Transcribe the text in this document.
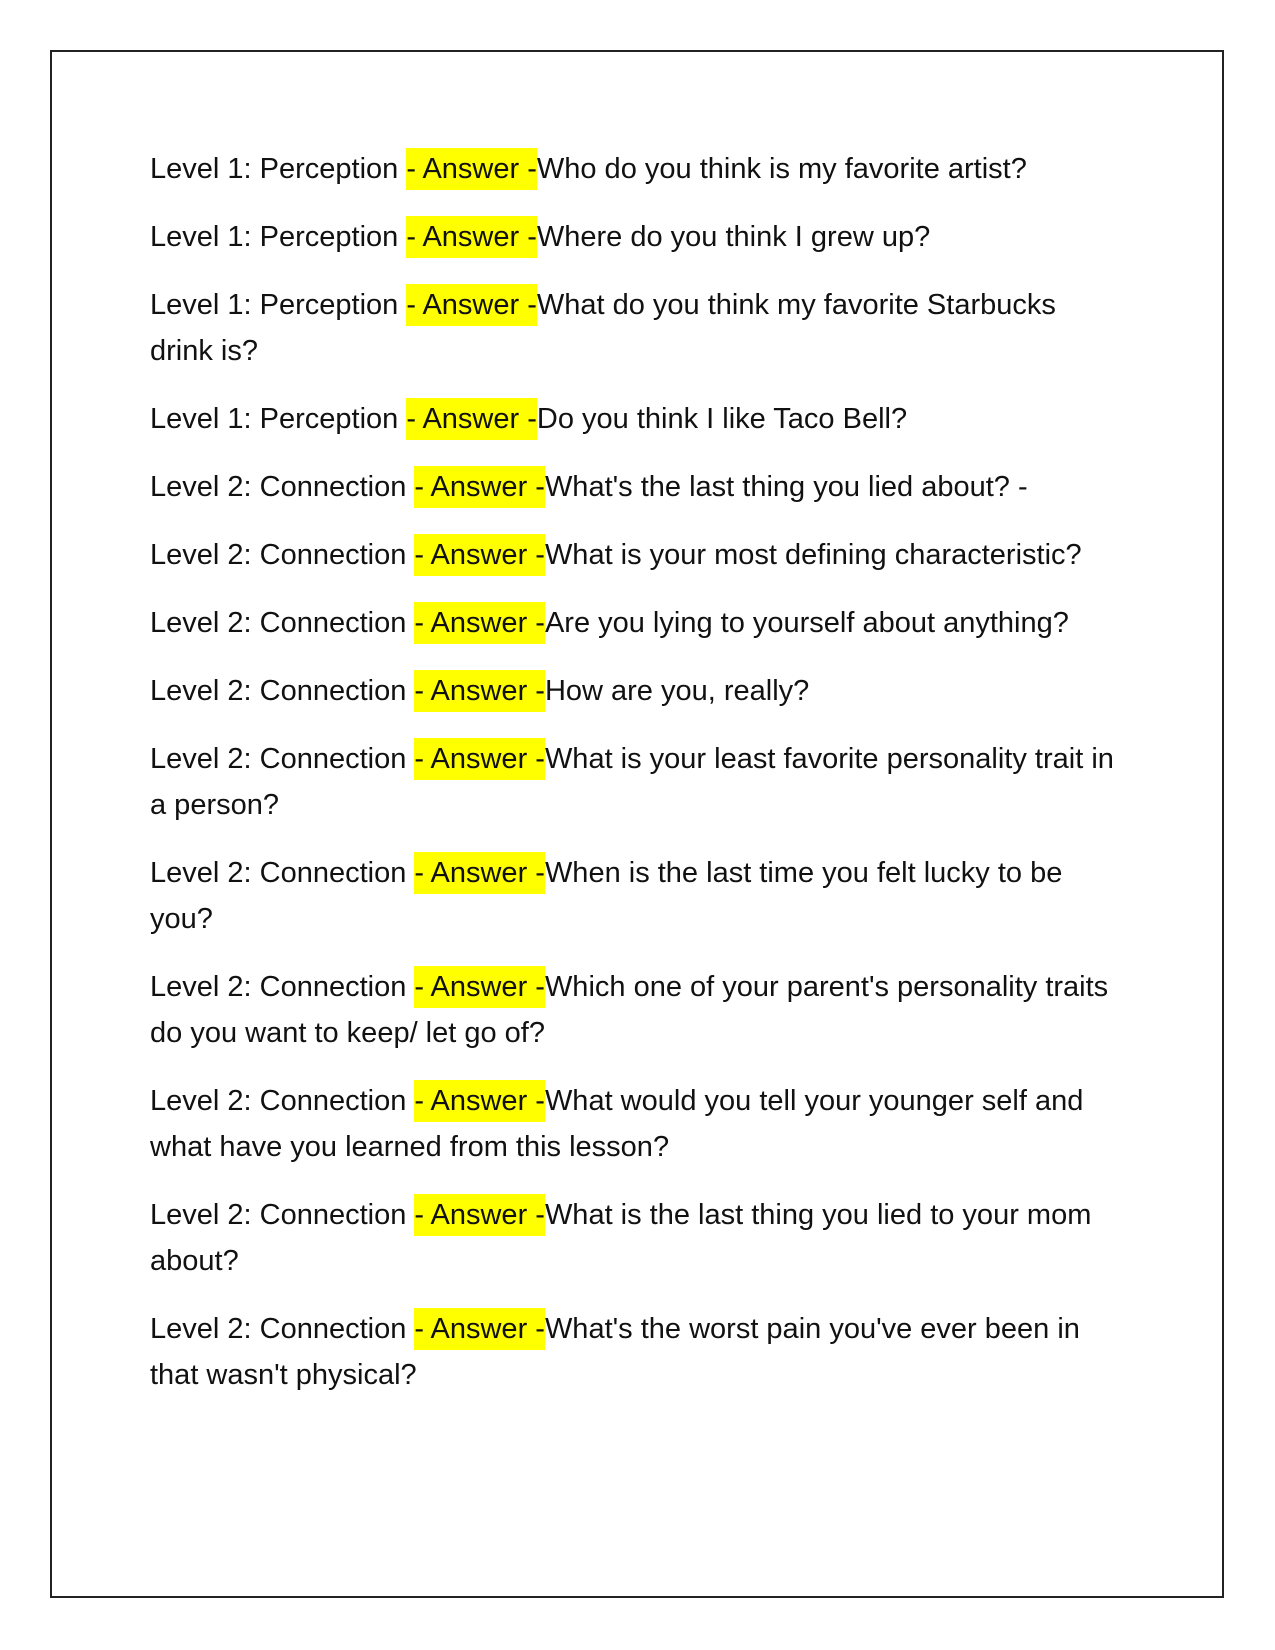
Level 1: Perception - Answer -Who do you think is my favorite artist?

Level 1: Perception - Answer -Where do you think I grew up?

Level 1: Perception - Answer -What do you think my favorite Starbucks drink is?

Level 1: Perception - Answer -Do you think I like Taco Bell?

Level 2: Connection - Answer -What's the last thing you lied about? -

Level 2: Connection - Answer -What is your most defining characteristic?

Level 2: Connection - Answer -Are you lying to yourself about anything?

Level 2: Connection - Answer -How are you, really?

Level 2: Connection - Answer -What is your least favorite personality trait in a person?

Level 2: Connection - Answer -When is the last time you felt lucky to be you?

Level 2: Connection - Answer -Which one of your parent's personality traits do you want to keep/ let go of?

Level 2: Connection - Answer -What would you tell your younger self and what have you learned from this lesson?

Level 2: Connection - Answer -What is the last thing you lied to your mom about?

Level 2: Connection - Answer -What's the worst pain you've ever been in that wasn't physical?
